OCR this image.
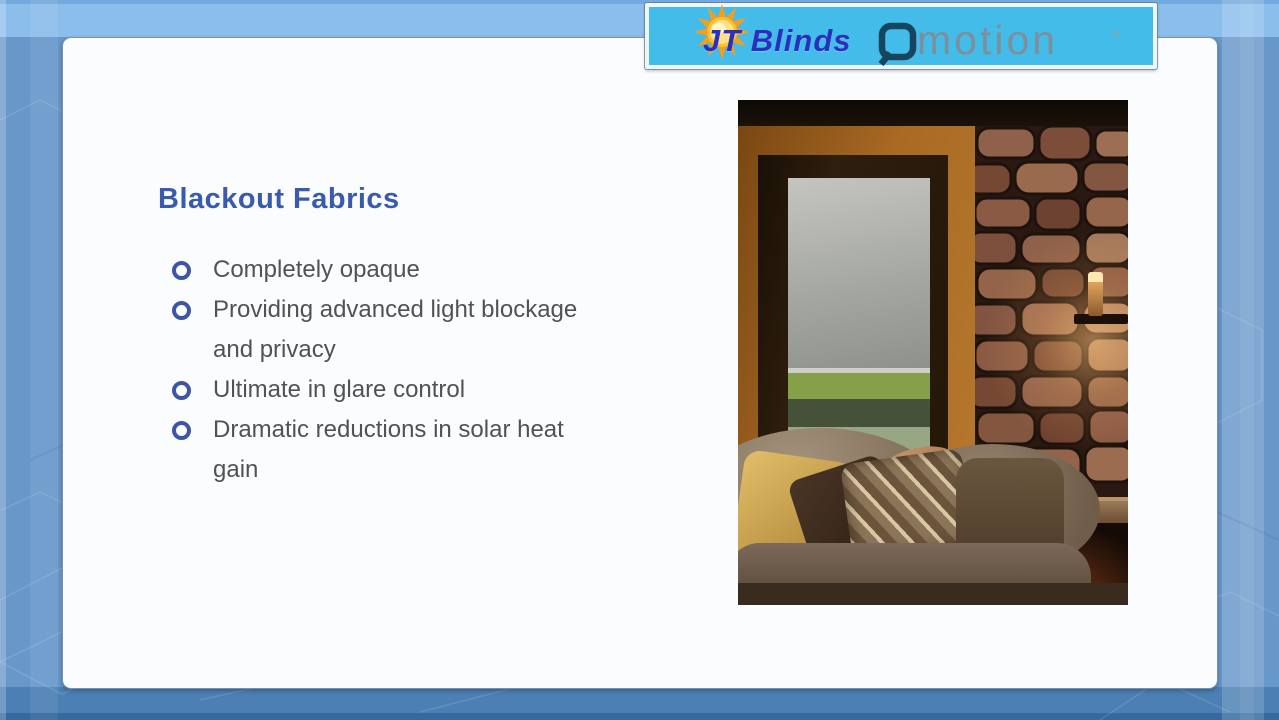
JT Blinds motion	®
Blackout Fabrics
Completely opaque
Providing advanced light blockage
and privacy
Ultimate in glare control
Dramatic reductions in solar heat
gain
